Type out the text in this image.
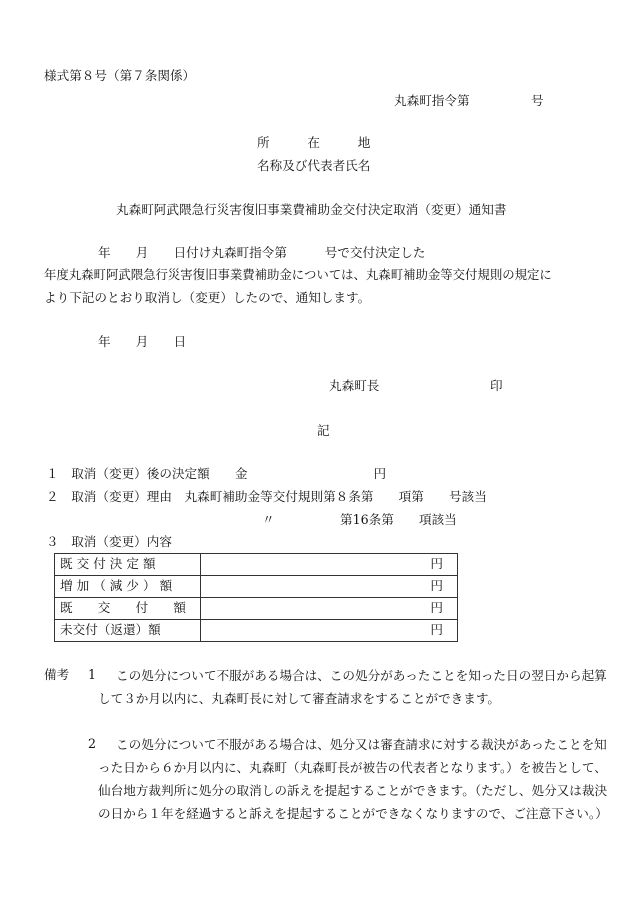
様式第８号（第７条関係）
丸森町指令第	号
所　　　在　　　地
名称及び代表者氏名
丸森町阿武隈急行災害復旧事業費補助金交付決定取消（変更）通知書
年　　月　　日付け丸森町指令第　　　号で交付決定した
年度丸森町阿武隈急行災害復旧事業費補助金については、丸森町補助金等交付規則の規定に
より下記のとおり取消し（変更）したので、通知します。
年　　月　　日
丸森町長	印
記
１　取消（変更）後の決定額　　金　　　　　　　　　　円
２　取消（変更）理由　丸森町補助金等交付規則第８条第　　項第　　号該当
〃	第16条第　　項該当
３　取消（変更）内容
既 交 付 決 定 額	円
増 加 （ 減 少 ） 額	円
既　　交　　付　　額	円
未交付（返還）額	円
備考 1	この処分について不服がある場合は、この処分があったことを知った日の翌日から起算して３か月以内に、丸森町長に対して審査請求をすることができます。
2	この処分について不服がある場合は、処分又は審査請求に対する裁決があったことを知った日から６か月以内に、丸森町（丸森町長が被告の代表者となります。）を被告として、仙台地方裁判所に処分の取消しの訴えを提起することができます。（ただし、処分又は裁決の日から１年を経過すると訴えを提起することができなくなりますので、ご注意下さい。）
